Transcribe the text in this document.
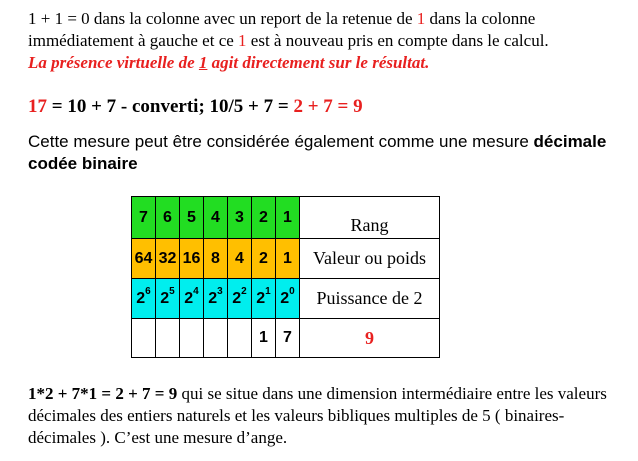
1 + 1 = 0 dans la colonne avec un report de la retenue de 1 dans la colonne immédiatement à gauche et ce 1 est à nouveau pris en compte dans le calcul.
La présence virtuelle de 1 agit directement sur le résultat.
17 = 10 + 7 - converti; 10/5 + 7 = 2 + 7 = 9
Cette mesure peut être considérée également comme une mesure décimale codée binaire
7	6	5	4	3	2	1	Rang
64	32	16	8	4	2	1	Valeur ou poids
$2^6$	$2^5$	$2^4$	$2^3$	$2^2$	$2^1$	$2^0$	Puissance de 2
					1	7	9
1*2 + 7*1 = 2 + 7 = 9 qui se situe dans une dimension intermédiaire entre les valeurs décimales des entiers naturels et les valeurs bibliques multiples de 5 ( binaires-décimales ). C’est une mesure d’ange.
